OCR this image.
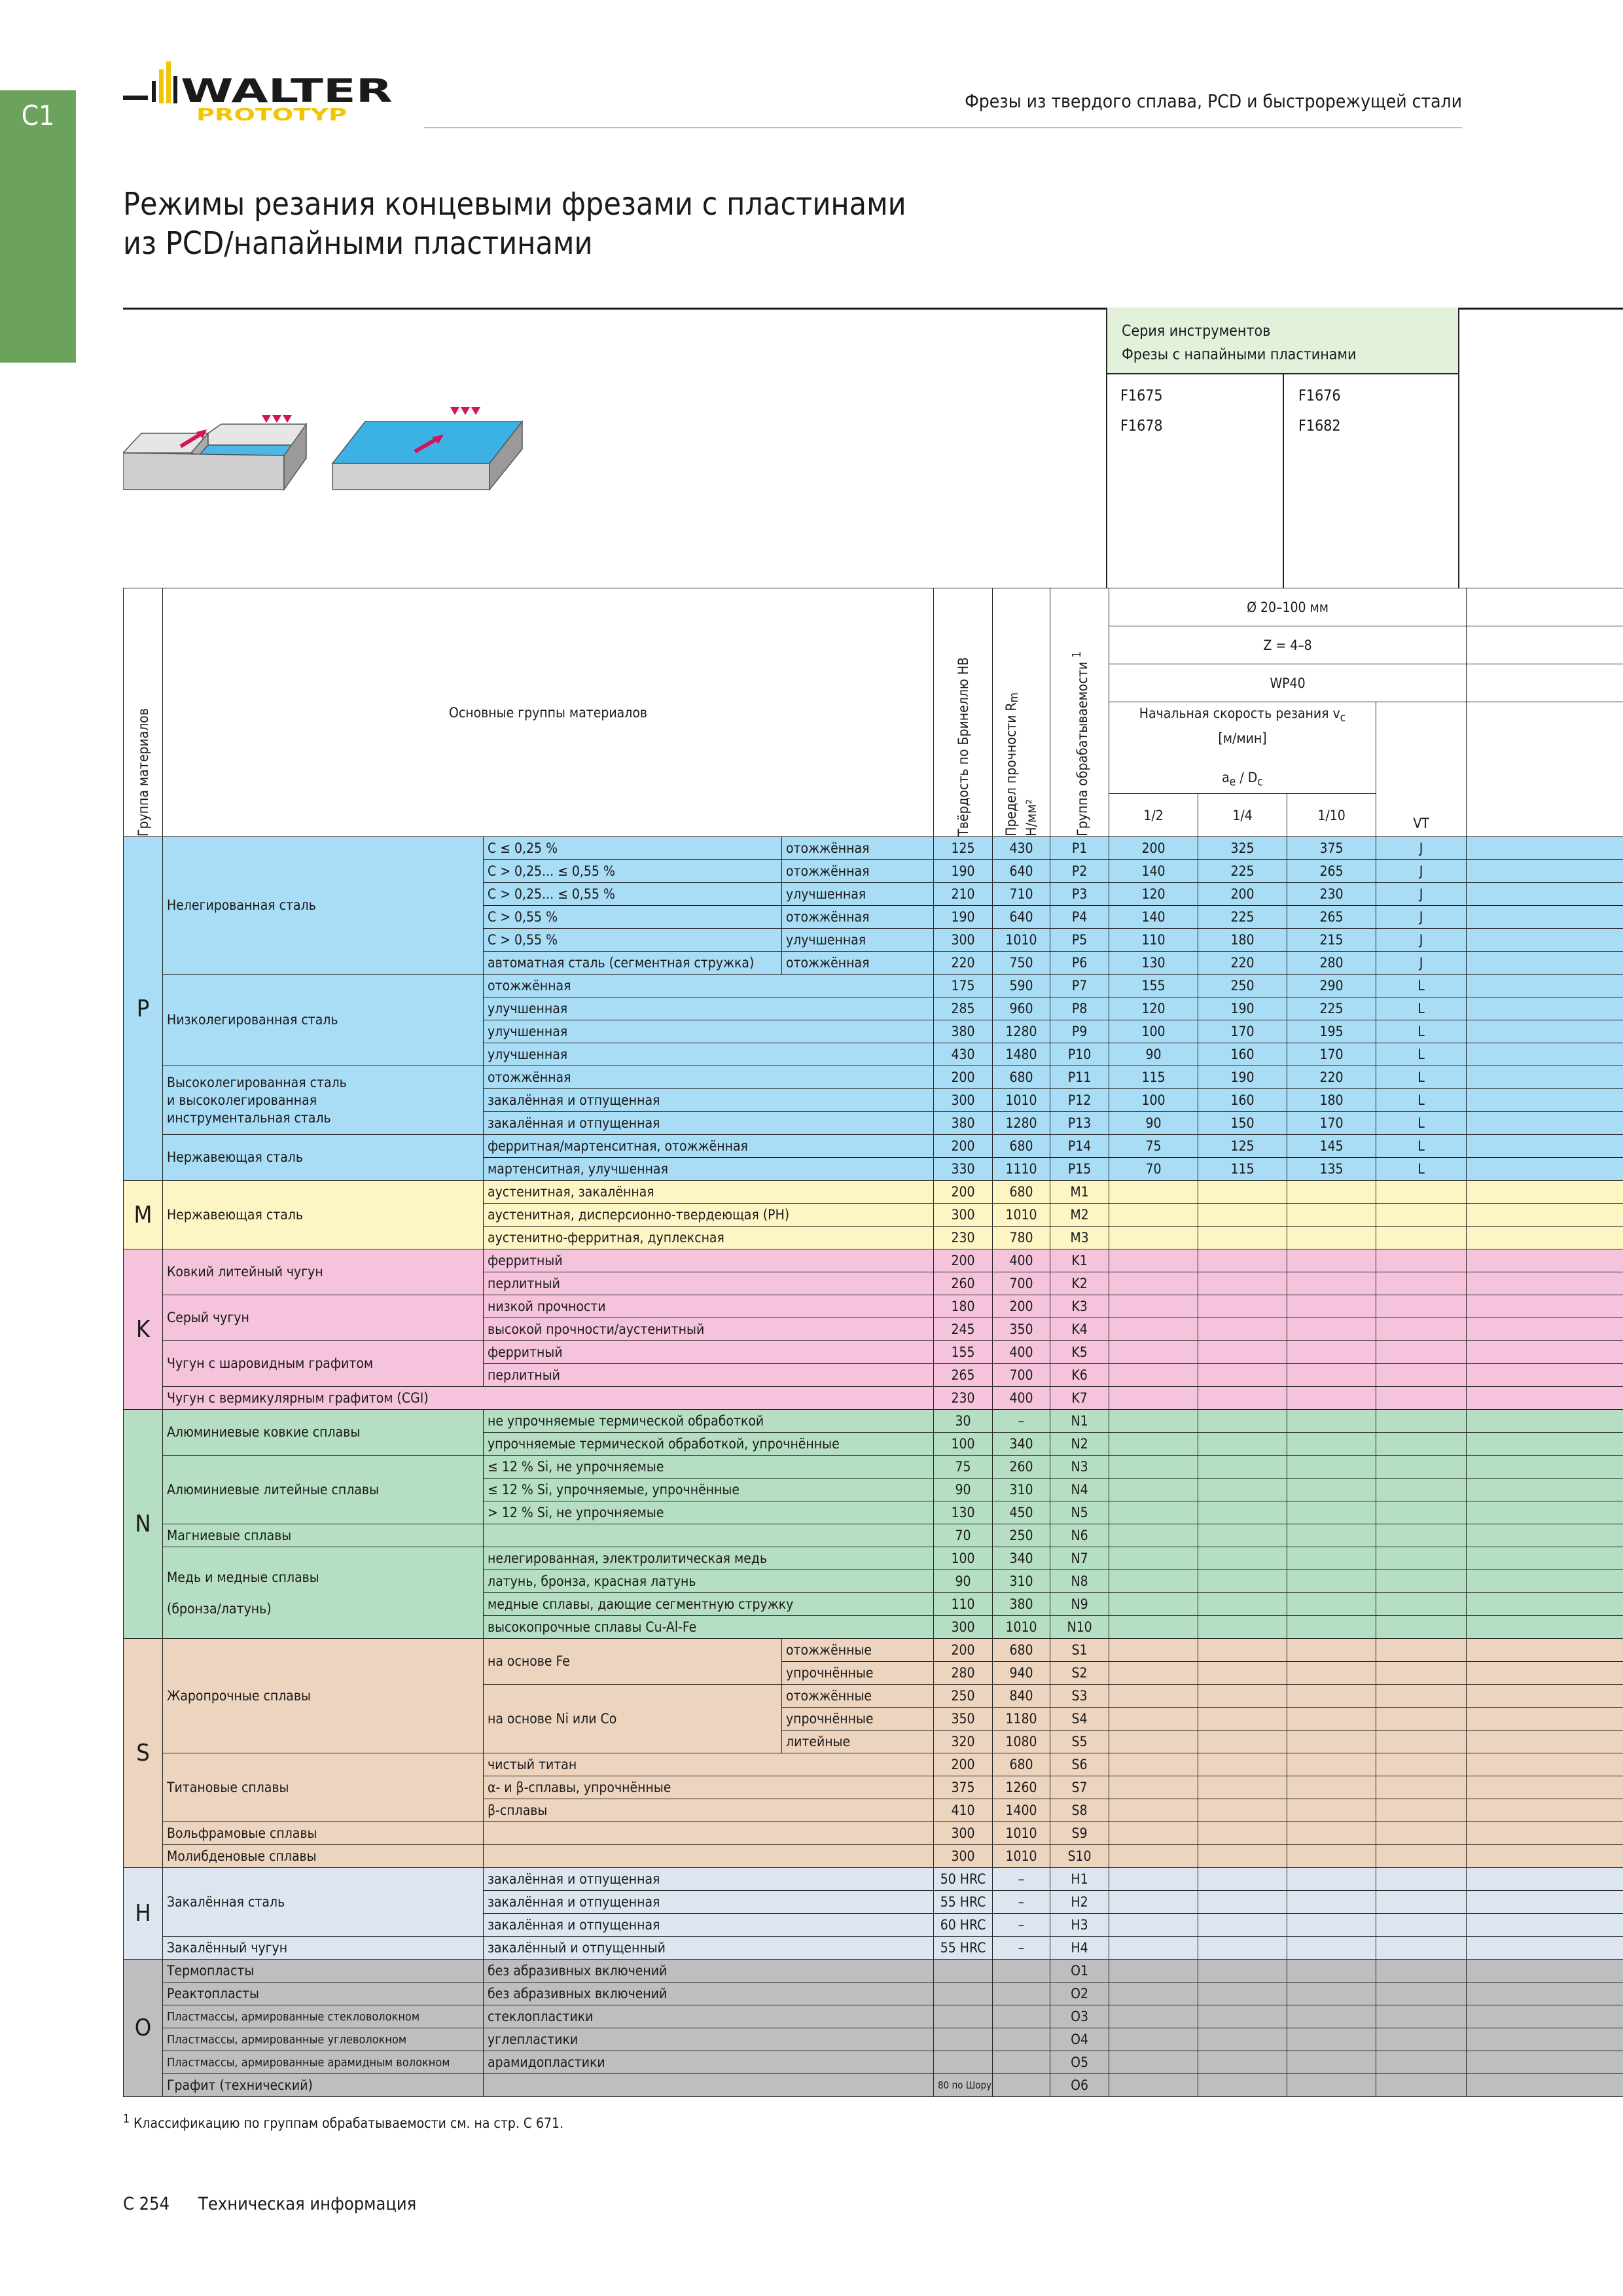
C1
WALTER
PROTOTYP
Фрезы из твердого сплава, PCD и быстрорежущей стали
Режимы резания концевыми фрезами с пластинами
из PCD/напайными пластинами
Серия инструментов
Фрезы с напайными пластинами
F1675
F1678
F1676
F1682
Группа материалов	Основные группы материалов			Твёрдость по Бринеллю HB	Предел прочности $R_m$
Н/мм²	Группа обрабатываемости $^1$	Ø 20–100 мм				
							Z = 4–8				
							WP40				
							Начальная скорость резания $v_c$
[м/мин]

$a_e / D_c$			VT	
							1/2	1/4	1/10		
P	Нелегированная сталь	C ≤ 0,25 %	отожжённая	125	430	P1	200	325	375	J	
		C > 0,25... ≤ 0,55 %	отожжённая	190	640	P2	140	225	265	J	
		C > 0,25... ≤ 0,55 %	улучшенная	210	710	P3	120	200	230	J	
		C > 0,55 %	отожжённая	190	640	P4	140	225	265	J	
		C > 0,55 %	улучшенная	300	1010	P5	110	180	215	J	
		автоматная сталь (сегментная стружка)	отожжённая	220	750	P6	130	220	280	J	
	Низколегированная сталь	отожжённая		175	590	P7	155	250	290	L	
		улучшенная		285	960	P8	120	190	225	L	
		улучшенная		380	1280	P9	100	170	195	L	
		улучшенная		430	1480	P10	90	160	170	L	
	Высоколегированная сталь
и высоколегированная
инструментальная сталь	отожжённая		200	680	P11	115	190	220	L	
		закалённая и отпущенная		300	1010	P12	100	160	180	L	
		закалённая и отпущенная		380	1280	P13	90	150	170	L	
	Нержавеющая сталь	ферритная/мартенситная, отожжённая		200	680	P14	75	125	145	L	
		мартенситная, улучшенная		330	1110	P15	70	115	135	L	
M	Нержавеющая сталь	аустенитная, закалённая		200	680	M1					
		аустенитная, дисперсионно-твердеющая (PH)		300	1010	M2					
		аустенитно-ферритная, дуплексная		230	780	M3					
K	Ковкий литейный чугун	ферритный		200	400	K1					
		перлитный		260	700	K2					
	Серый чугун	низкой прочности		180	200	K3					
		высокой прочности/аустенитный		245	350	K4					
	Чугун с шаровидным графитом	ферритный		155	400	K5					
		перлитный		265	700	K6					
	Чугун с вермикулярным графитом (CGI)			230	400	K7					
N	Алюминиевые ковкие сплавы	не упрочняемые термической обработкой		30	–	N1					
		упрочняемые термической обработкой, упрочнённые		100	340	N2					
	Алюминиевые литейные сплавы	≤ 12 % Si, не упрочняемые		75	260	N3					
		≤ 12 % Si, упрочняемые, упрочнённые		90	310	N4					
		> 12 % Si, не упрочняемые		130	450	N5					
	Магниевые сплавы			70	250	N6					
	Медь и медные сплавы
(бронза/латунь)	нелегированная, электролитическая медь		100	340	N7					
		латунь, бронза, красная латунь		90	310	N8					
		медные сплавы, дающие сегментную стружку		110	380	N9					
		высокопрочные сплавы Cu-Al-Fe		300	1010	N10					
S	Жаропрочные сплавы	на основе Fe	отожжённые	200	680	S1					
			упрочнённые	280	940	S2					
		на основе Ni или Co	отожжённые	250	840	S3					
			упрочнённые	350	1180	S4					
			литейные	320	1080	S5					
	Титановые сплавы	чистый титан		200	680	S6					
		α- и β-сплавы, упрочнённые		375	1260	S7					
		β-сплавы		410	1400	S8					
	Вольфрамовые сплавы			300	1010	S9					
	Молибденовые сплавы			300	1010	S10					
H	Закалённая сталь	закалённая и отпущенная		50 HRC	–	H1					
		закалённая и отпущенная		55 HRC	–	H2					
		закалённая и отпущенная		60 HRC	–	H3					
	Закалённый чугун	закалённый и отпущенный		55 HRC	–	H4					
O	Термопласты	без абразивных включений				O1					
	Реактопласты	без абразивных включений				O2					
	Пластмассы, армированные стекловолокном	стеклопластики				O3					
	Пластмассы, армированные углеволокном	углепластики				O4					
	Пластмассы, армированные арамидным волокном	арамидопластики				O5					
	Графит (технический)			80 по Шору		O6					
$^1$ Классификацию по группам обрабатываемости см. на стр. C 671.
C 254 Техническая информация
